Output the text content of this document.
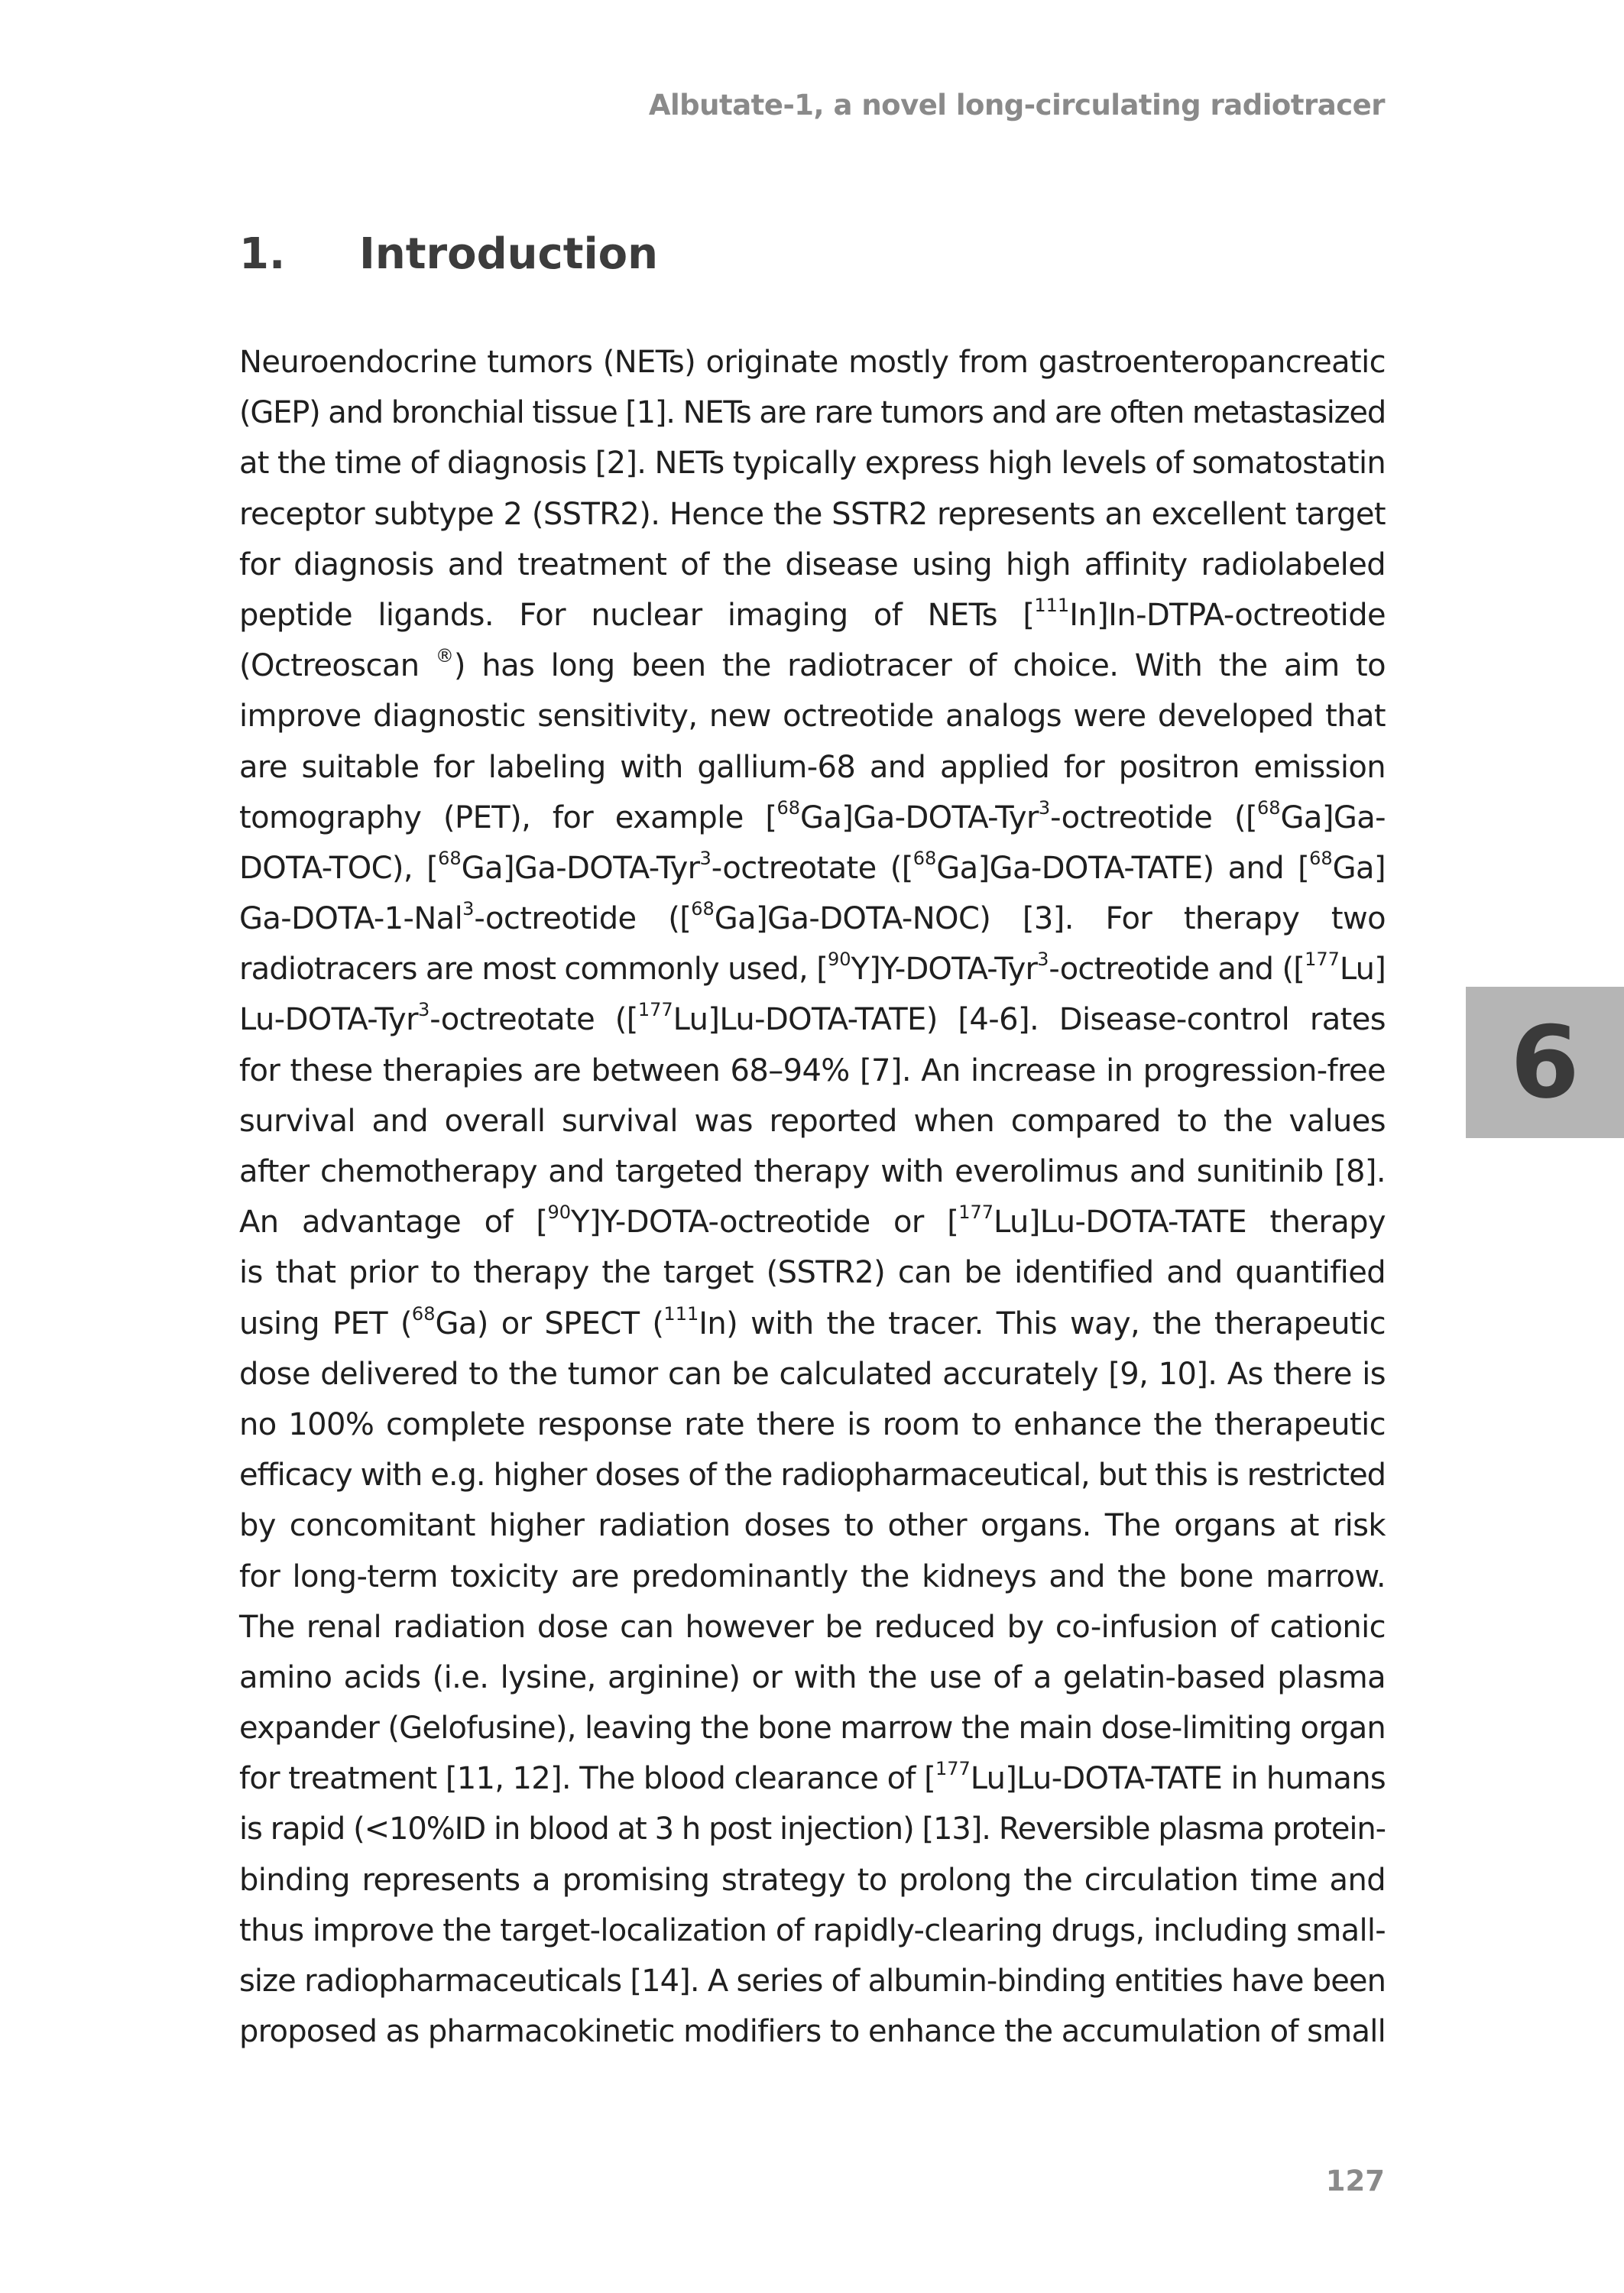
Albutate-1, a novel long-circulating radiotracer
1. Introduction
Neuroendocrine tumors (NETs) originate mostly from gastroenteropancreatic
(GEP) and bronchial tissue [1]. NETs are rare tumors and are often metastasized
at the time of diagnosis [2]. NETs typically express high levels of somatostatin
receptor subtype 2 (SSTR2). Hence the SSTR2 represents an excellent target
for diagnosis and treatment of the disease using high affinity radiolabeled
peptide ligands. For nuclear imaging of NETs [$^{111}$In]In-DTPA-octreotide
(Octreoscan ®) has long been the radiotracer of choice. With the aim to
improve diagnostic sensitivity, new octreotide analogs were developed that
are suitable for labeling with gallium-68 and applied for positron emission
tomography (PET), for example [$^{68}$Ga]Ga-DOTA-Tyr$^3$-octreotide ([$^{68}$Ga]Ga-
DOTA-TOC), [$^{68}$Ga]Ga-DOTA-Tyr$^3$-octreotate ([$^{68}$Ga]Ga-DOTA-TATE) and [$^{68}$Ga]
Ga-DOTA-1-Nal$^3$-octreotide ([$^{68}$Ga]Ga-DOTA-NOC) [3]. For therapy two
radiotracers are most commonly used, [$^{90}$Y]Y-DOTA-Tyr$^3$-octreotide and ([$^{177}$Lu]
Lu-DOTA-Tyr$^3$-octreotate ([$^{177}$Lu]Lu-DOTA-TATE) [4-6]. Disease-control rates
for these therapies are between 68–94% [7]. An increase in progression-free
survival and overall survival was reported when compared to the values
after chemotherapy and targeted therapy with everolimus and sunitinib [8].
An advantage of [$^{90}$Y]Y-DOTA-octreotide or [$^{177}$Lu]Lu-DOTA-TATE therapy
is that prior to therapy the target (SSTR2) can be identified and quantified
using PET ($^{68}$Ga) or SPECT ($^{111}$In) with the tracer. This way, the therapeutic
dose delivered to the tumor can be calculated accurately [9, 10]. As there is
no 100% complete response rate there is room to enhance the therapeutic
efficacy with e.g. higher doses of the radiopharmaceutical, but this is restricted
by concomitant higher radiation doses to other organs. The organs at risk
for long-term toxicity are predominantly the kidneys and the bone marrow.
The renal radiation dose can however be reduced by co-infusion of cationic
amino acids (i.e. lysine, arginine) or with the use of a gelatin-based plasma
expander (Gelofusine), leaving the bone marrow the main dose-limiting organ
for treatment [11, 12]. The blood clearance of [$^{177}$Lu]Lu-DOTA-TATE in humans
is rapid (<10%ID in blood at 3 h post injection) [13]. Reversible plasma protein-
binding represents a promising strategy to prolong the circulation time and
thus improve the target-localization of rapidly-clearing drugs, including small-
size radiopharmaceuticals [14]. A series of albumin-binding entities have been
proposed as pharmacokinetic modifiers to enhance the accumulation of small
6
127
